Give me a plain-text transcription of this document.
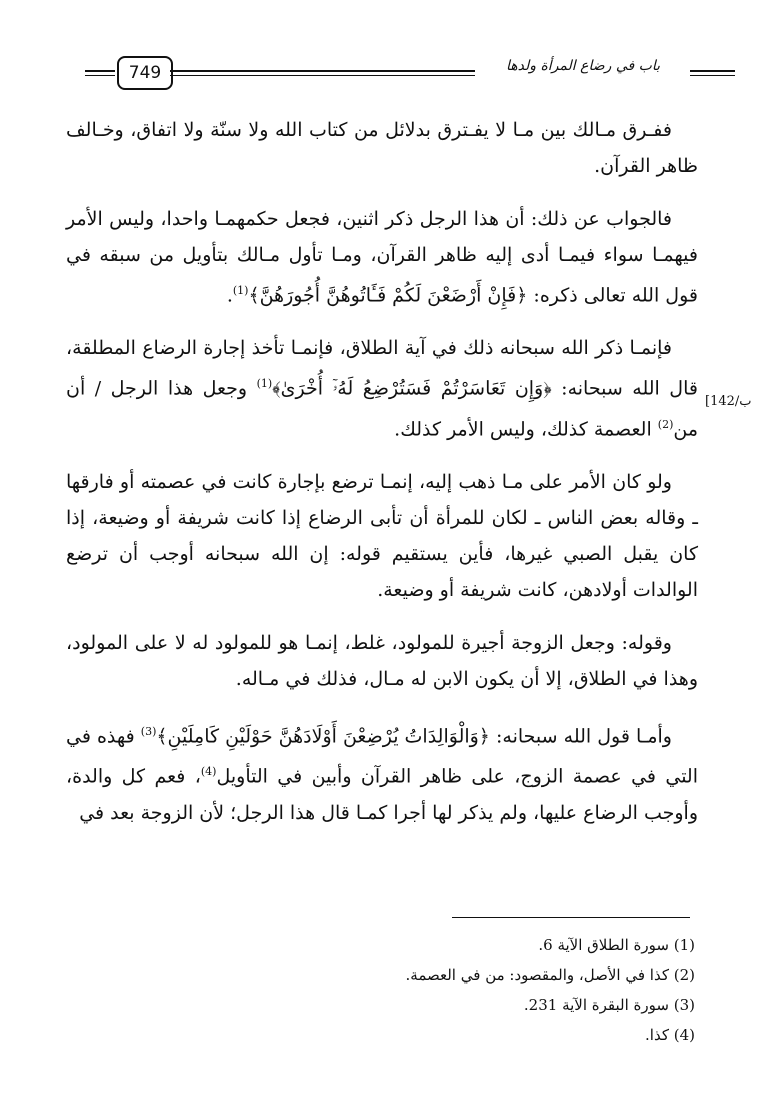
749	باب في رضاع المرأة ولدها
[142/ب

ففـرق مـالك بين مـا لا يفـترق بدلائل من كتاب الله ولا سنّة ولا اتفاق، وخـالف ظاهر القرآن.

فالجواب عن ذلك: أن هذا الرجل ذكر اثنين، فجعل حكمهمـا واحدا، وليس الأمر فيهمـا سواء فيمـا أدى إليه ظاهر القرآن، ومـا تأول مـالك بتأويل من سبقه في قول الله تعالى ذكره: ﴿فَإِنْ أَرْضَعْنَ لَكُمْ فَـَٔاتُوهُنَّ أُجُورَهُنَّ﴾$^{(1)}$.

فإنمـا ذكر الله سبحانه ذلك في آية الطلاق، فإنمـا تأخذ إجارة الرضاع المطلقة، قال الله سبحانه: ﴿وَإِن تَعَاسَرْتُمْ فَسَتُرْضِعُ لَهُۥٓ أُخْرَىٰ﴾$^{(1)}$ وجعل هذا الرجل / أن من$^{(2)}$ العصمة كذلك، وليس الأمر كذلك.

ولو كان الأمر على مـا ذهب إليه، إنمـا ترضع بإجارة كانت في عصمته أو فارقها ـ وقاله بعض الناس ـ لكان للمرأة أن تأبى الرضاع إذا كانت شريفة أو وضيعة، إذا كان يقبل الصبي غيرها، فأين يستقيم قوله: إن الله سبحانه أوجب أن ترضع الوالدات أولادهن، كانت شريفة أو وضيعة.

وقوله: وجعل الزوجة أجيرة للمولود، غلط، إنمـا هو للمولود له لا على المولود، وهذا في الطلاق، إلا أن يكون الابن له مـال، فذلك في مـاله.

وأمـا قول الله سبحانه: ﴿وَالْوَالِدَاتُ يُرْضِعْنَ أَوْلَادَهُنَّ حَوْلَيْنِ كَامِلَيْنِ﴾$^{(3)}$ فهذه في التي في عصمة الزوج، على ظاهر القرآن وأبين في التأويل$^{(4)}$، فعم كل والدة، وأوجب الرضاع عليها، ولم يذكر لها أجرا كمـا قال هذا الرجل؛ لأن الزوجة بعد في

(1) سورة الطلاق الآية 6.
(2) كذا في الأصل، والمقصود: من في العصمة.
(3) سورة البقرة الآية 231.
(4) كذا.
